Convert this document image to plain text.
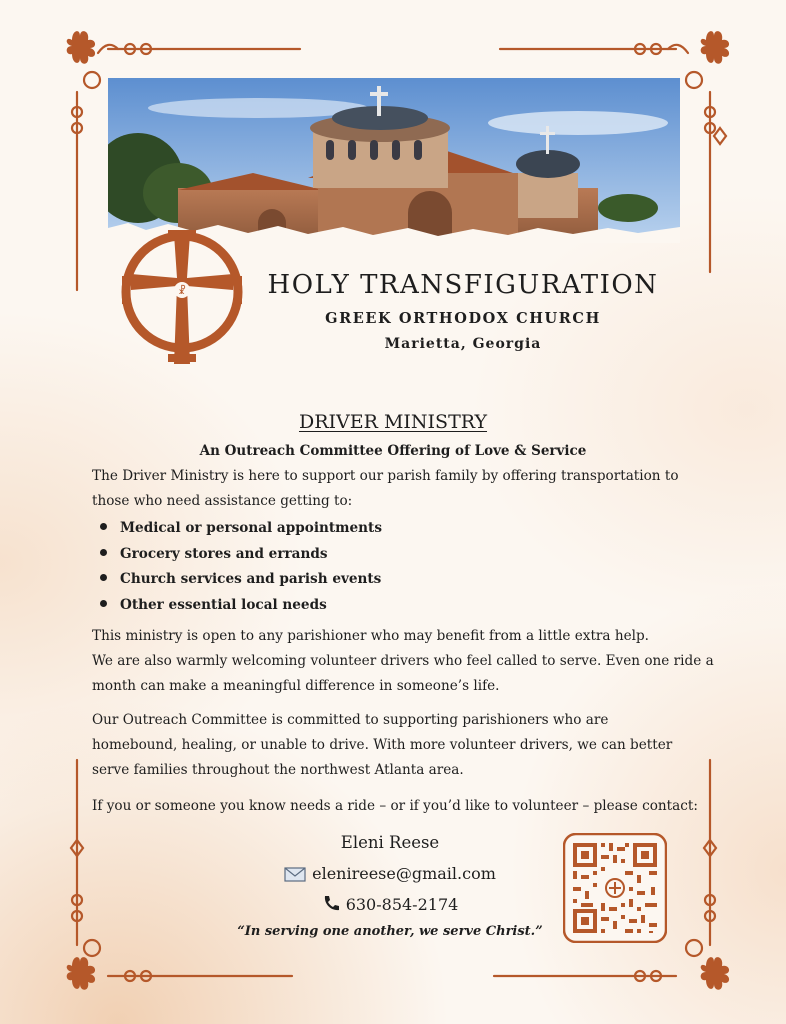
☧	HOLY TRANSFIGURATION
GREEK ORTHODOX CHURCH
Marietta, Georgia
DRIVER MINISTRY
An Outreach Committee Offering of Love & Service

The Driver Ministry is here to support our parish family by offering transportation to

those who need assistance getting to:

Medical or personal appointments
Grocery stores and errands
Church services and parish events
Other essential local needs

This ministry is open to any parishioner who may benefit from a little extra help.

We are also warmly welcoming volunteer drivers who feel called to serve. Even one ride a

month can make a meaningful difference in someone’s life.

Our Outreach Committee is committed to supporting parishioners who are

homebound, healing, or unable to drive. With more volunteer drivers, we can better

serve families throughout the northwest Atlanta area.

If you or someone you know needs a ride – or if you’d like to volunteer – please contact:

Eleni Reese
elenireese@gmail.com
630-854-2174
“In serving one another, we serve Christ.”
